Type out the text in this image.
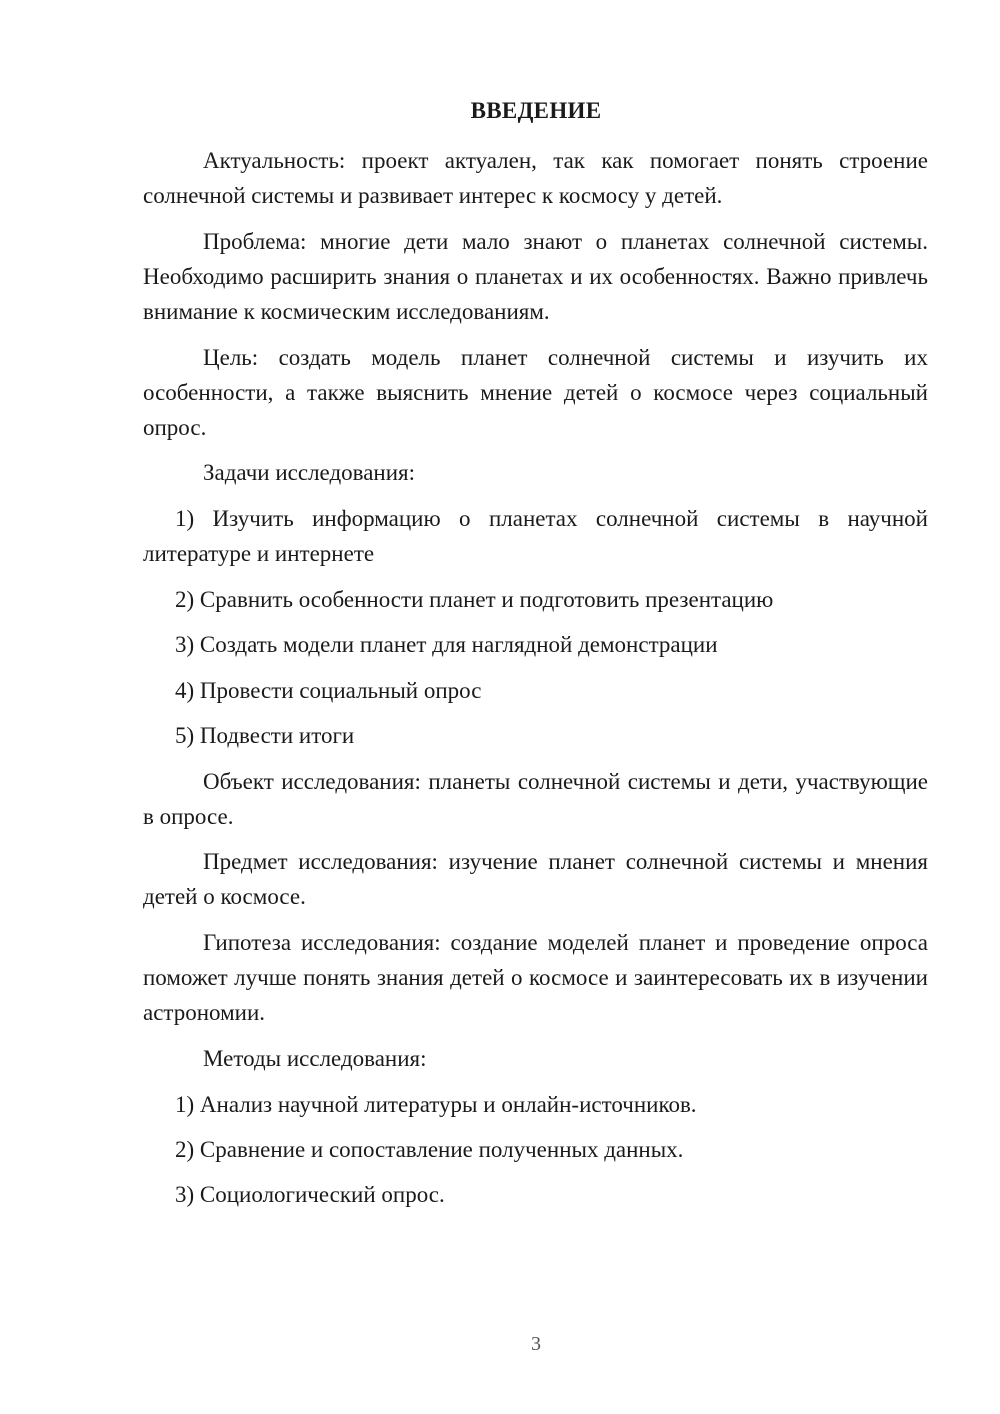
ВВЕДЕНИЕ

Актуальность: проект актуален, так как помогает понять строение солнечной системы и развивает интерес к космосу у детей.

Проблема: многие дети мало знают о планетах солнечной системы. Необходимо расширить знания о планетах и их особенностях. Важно привлечь внимание к космическим исследованиям.

Цель: создать модель планет солнечной системы и изучить их особенности, а также выяснить мнение детей о космосе через социальный опрос.

Задачи исследования:

1) Изучить информацию о планетах солнечной системы в научной литературе и интернете

2) Сравнить особенности планет и подготовить презентацию

3) Создать модели планет для наглядной демонстрации

4) Провести социальный опрос

5) Подвести итоги

Объект исследования: планеты солнечной системы и дети, участвующие в опросе.

Предмет исследования: изучение планет солнечной системы и мнения детей о космосе.

Гипотеза исследования: создание моделей планет и проведение опроса поможет лучше понять знания детей о космосе и заинтересовать их в изучении астрономии.

Методы исследования:

1) Анализ научной литературы и онлайн-источников.

2) Сравнение и сопоставление полученных данных.

3) Социологический опрос.

3
